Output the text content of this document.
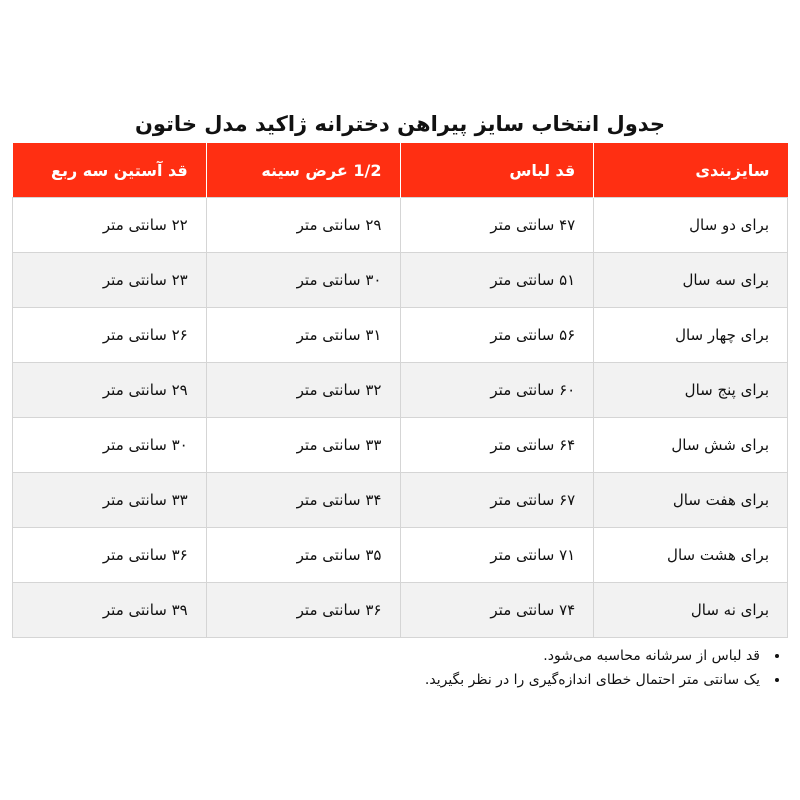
جدول انتخاب سایز پیراهن دخترانه ژاکید مدل خاتون
سایزبندی	قد لباس	1/2 عرض سینه	قد آستین سه ربع
برای دو سال	۴۷ سانتی متر	۲۹ سانتی متر	۲۲ سانتی متر
برای سه سال	۵۱ سانتی متر	۳۰ سانتی متر	۲۳ سانتی متر
برای چهار سال	۵۶ سانتی متر	۳۱ سانتی متر	۲۶ سانتی متر
برای پنج سال	۶۰ سانتی متر	۳۲ سانتی متر	۲۹ سانتی متر
برای شش سال	۶۴ سانتی متر	۳۳ سانتی متر	۳۰ سانتی متر
برای هفت سال	۶۷ سانتی متر	۳۴ سانتی متر	۳۳ سانتی متر
برای هشت سال	۷۱ سانتی متر	۳۵ سانتی متر	۳۶ سانتی متر
برای نه سال	۷۴ سانتی متر	۳۶ سانتی متر	۳۹ سانتی متر
• قد لباس از سرشانه محاسبه می‌شود.
• یک سانتی متر احتمال خطای اندازه‌گیری را در نظر بگیرید.
